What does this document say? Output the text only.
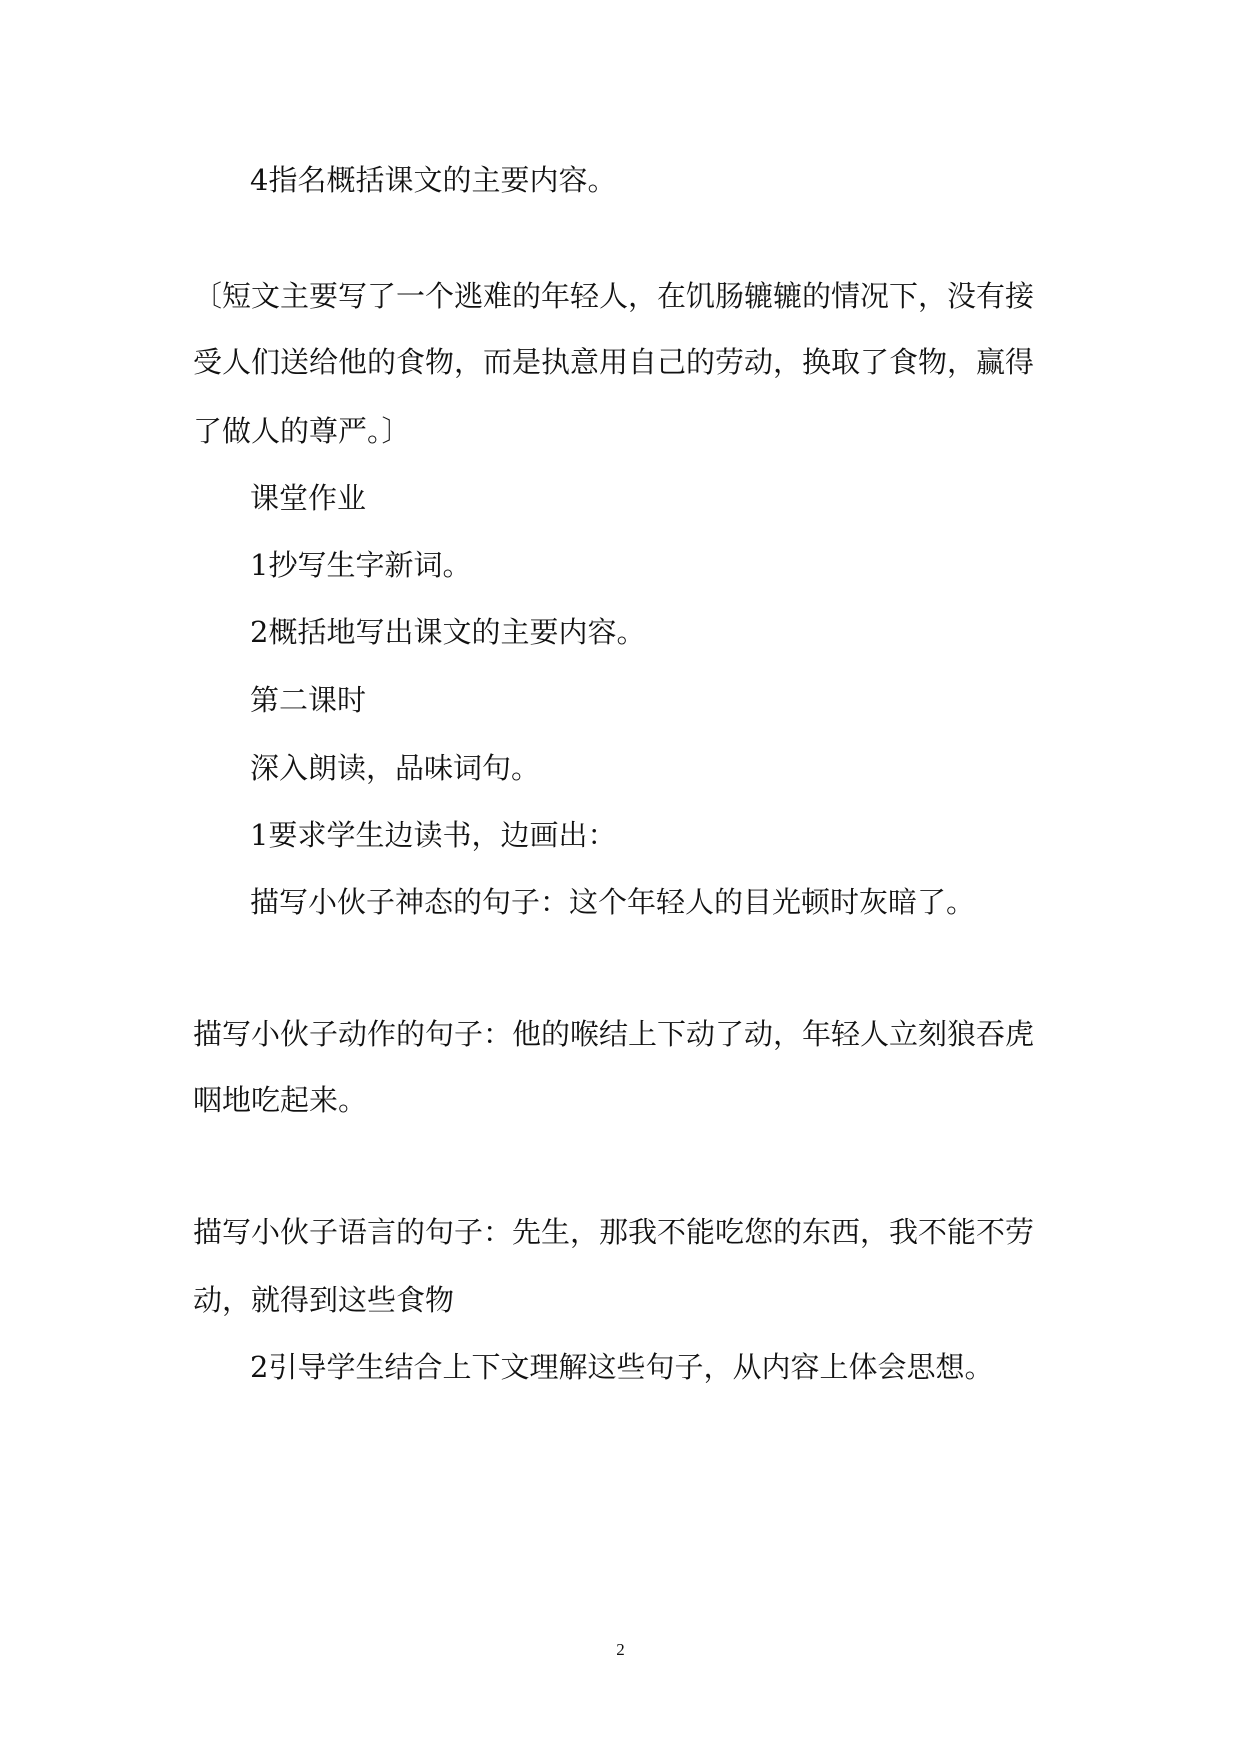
4指名概括课文的主要内容。

〔短文主要写了一个逃难的年轻人，在饥肠辘辘的情况下，没有接

受人们送给他的食物，而是执意用自己的劳动，换取了食物，赢得

了做人的尊严。〕

课堂作业

1抄写生字新词。

2概括地写出课文的主要内容。

第二课时

深入朗读，品味词句。

1要求学生边读书，边画出：

描写小伙子神态的句子：这个年轻人的目光顿时灰暗了。

描写小伙子动作的句子：他的喉结上下动了动，年轻人立刻狼吞虎

咽地吃起来。

描写小伙子语言的句子：先生，那我不能吃您的东西，我不能不劳

动，就得到这些食物

2引导学生结合上下文理解这些句子，从内容上体会思想。

2
